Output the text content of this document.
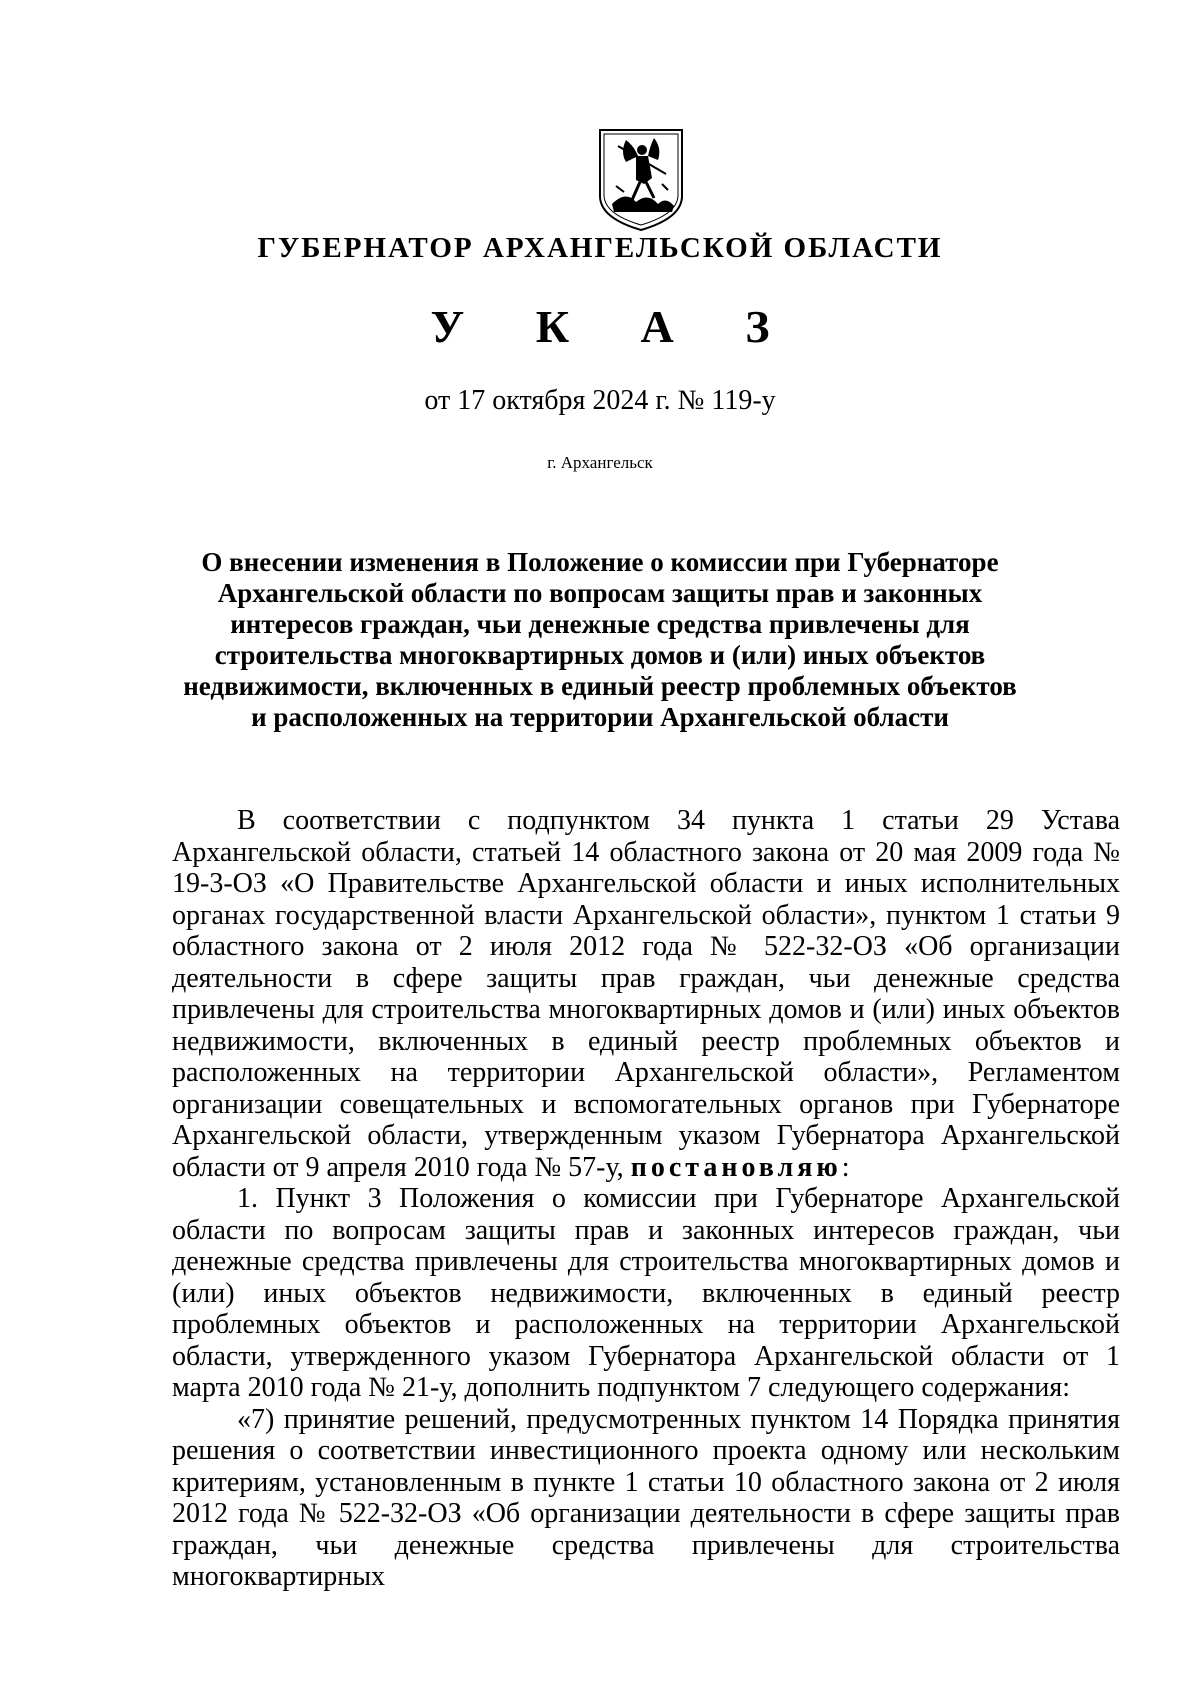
ГУБЕРНАТОР АРХАНГЕЛЬСКОЙ ОБЛАСТИ
У К А З
от 17 октября 2024 г. № 119-у
г. Архангельск
О внесении изменения в Положение о комиссии при Губернаторе Архангельской области по вопросам защиты прав и законных интересов граждан, чьи денежные средства привлечены для строительства многоквартирных домов и (или) иных объектов недвижимости, включенных в единый реестр проблемных объектов и расположенных на территории Архангельской области

В соответствии с подпунктом 34 пункта 1 статьи 29 Устава Архангельской области, статьей 14 областного закона от 20 мая 2009 года № 19-3-ОЗ «О Правительстве Архангельской области и иных исполнительных органах государственной власти Архангельской области», пунктом 1 статьи 9 областного закона от 2 июля 2012 года № 522-32-ОЗ «Об организации деятельности в сфере защиты прав граждан, чьи денежные средства привлечены для строительства многоквартирных домов и (или) иных объектов недвижимости, включенных в единый реестр проблемных объектов и расположенных на территории Архангельской области», Регламентом организации совещательных и вспомогательных органов при Губернаторе Архангельской области, утвержденным указом Губернатора Архангельской области от 9 апреля 2010 года № 57-у, постановляю:

1. Пункт 3 Положения о комиссии при Губернаторе Архангельской области по вопросам защиты прав и законных интересов граждан, чьи денежные средства привлечены для строительства многоквартирных домов и (или) иных объектов недвижимости, включенных в единый реестр проблемных объектов и расположенных на территории Архангельской области, утвержденного указом Губернатора Архангельской области от 1 марта 2010 года № 21-у, дополнить подпунктом 7 следующего содержания:

«7) принятие решений, предусмотренных пунктом 14 Порядка принятия решения о соответствии инвестиционного проекта одному или нескольким критериям, установленным в пункте 1 статьи 10 областного закона от 2 июля 2012 года № 522-32-ОЗ «Об организации деятельности в сфере защиты прав граждан, чьи денежные средства привлечены для строительства многоквартирных
